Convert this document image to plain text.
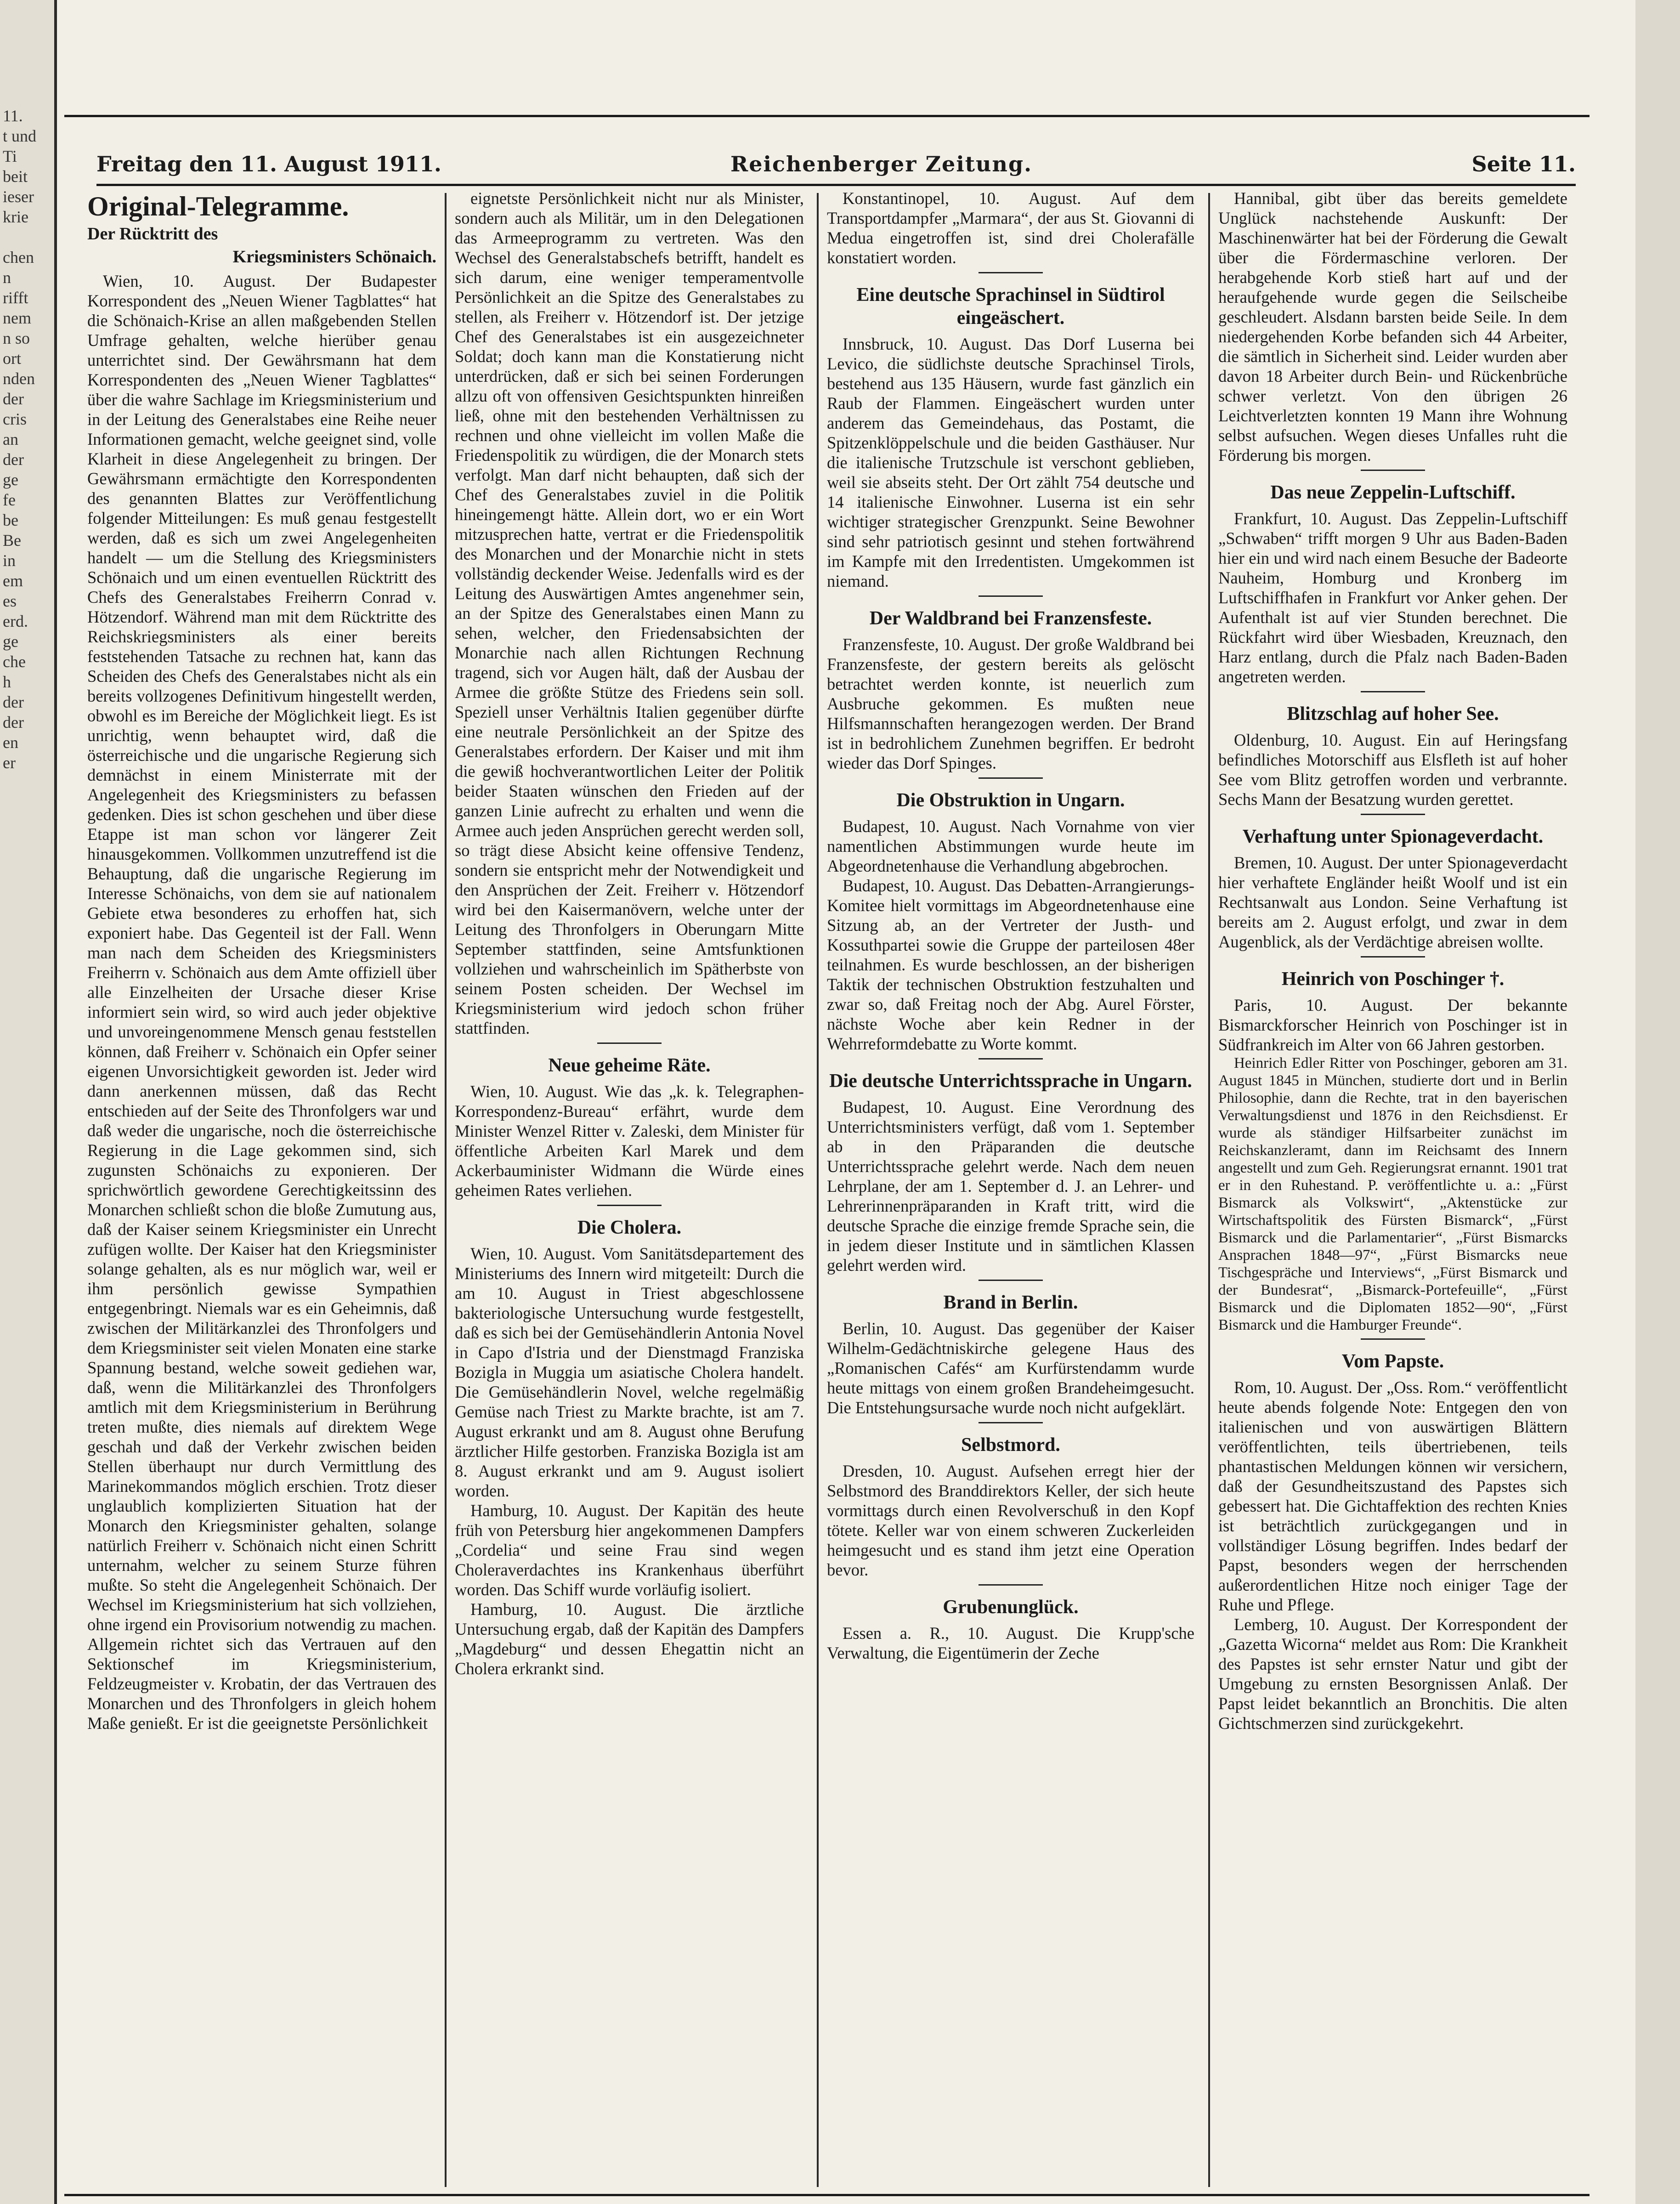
11.
t und
Ti
beit
ieser
krie

chen
n
rifft
nem
n so
ort
nden
der
cris
an
der
ge
fe
be
Be
in
em
es
erd.
ge
che
h
der
der
en
er
Freitag den 11. August 1911.	Reichenberger Zeitung.	Seite 11.
Original-Telegramme.
Der Rücktritt des
Kriegsministers Schönaich.

Wien, 10. August. Der Budapester Korrespondent des „Neuen Wiener Tagblattes“ hat die Schönaich-Krise an allen maßgebenden Stellen Umfrage gehalten, welche hierüber genau unterrichtet sind. Der Gewährsmann hat dem Korrespondenten des „Neuen Wiener Tagblattes“ über die wahre Sachlage im Kriegsministerium und in der Leitung des Generalstabes eine Reihe neuer Informationen gemacht, welche geeignet sind, volle Klarheit in diese Angelegenheit zu bringen. Der Gewährsmann ermächtigte den Korrespondenten des genannten Blattes zur Veröffentlichung folgender Mitteilungen: Es muß genau festgestellt werden, daß es sich um zwei Angelegenheiten handelt — um die Stellung des Kriegsministers Schönaich und um einen eventuellen Rücktritt des Chefs des Generalstabes Freiherrn Conrad v. Hötzendorf. Während man mit dem Rücktritte des Reichskriegsministers als einer bereits feststehenden Tatsache zu rechnen hat, kann das Scheiden des Chefs des Generalstabes nicht als ein bereits vollzogenes Definitivum hingestellt werden, obwohl es im Bereiche der Möglichkeit liegt. Es ist unrichtig, wenn behauptet wird, daß die österreichische und die ungarische Regierung sich demnächst in einem Ministerrate mit der Angelegenheit des Kriegsministers zu befassen gedenken. Dies ist schon geschehen und über diese Etappe ist man schon vor längerer Zeit hinausgekommen. Vollkommen unzutreffend ist die Behauptung, daß die ungarische Regierung im Interesse Schönaichs, von dem sie auf nationalem Gebiete etwa besonderes zu erhoffen hat, sich exponiert habe. Das Gegenteil ist der Fall. Wenn man nach dem Scheiden des Kriegsministers Freiherrn v. Schönaich aus dem Amte offiziell über alle Einzelheiten der Ursache dieser Krise informiert sein wird, so wird auch jeder objektive und unvoreingenommene Mensch genau feststellen können, daß Freiherr v. Schönaich ein Opfer seiner eigenen Unvorsichtigkeit geworden ist. Jeder wird dann anerkennen müssen, daß das Recht entschieden auf der Seite des Thronfolgers war und daß weder die ungarische, noch die österreichische Regierung in die Lage gekommen sind, sich zugunsten Schönaichs zu exponieren. Der sprichwörtlich gewordene Gerechtigkeitssinn des Monarchen schließt schon die bloße Zumutung aus, daß der Kaiser seinem Kriegsminister ein Unrecht zufügen wollte. Der Kaiser hat den Kriegsminister solange gehalten, als es nur möglich war, weil er ihm persönlich gewisse Sympathien entgegenbringt. Niemals war es ein Geheimnis, daß zwischen der Militärkanzlei des Thronfolgers und dem Kriegsminister seit vielen Monaten eine starke Spannung bestand, welche soweit gediehen war, daß, wenn die Militärkanzlei des Thronfolgers amtlich mit dem Kriegsministerium in Berührung treten mußte, dies niemals auf direktem Wege geschah und daß der Verkehr zwischen beiden Stellen überhaupt nur durch Vermittlung des Marinekommandos möglich erschien. Trotz dieser unglaublich komplizierten Situation hat der Monarch den Kriegsminister gehalten, solange natürlich Freiherr v. Schönaich nicht einen Schritt unternahm, welcher zu seinem Sturze führen mußte. So steht die Angelegenheit Schönaich. Der Wechsel im Kriegsministerium hat sich vollziehen, ohne irgend ein Provisorium notwendig zu machen. Allgemein richtet sich das Vertrauen auf den Sektionschef im Kriegsministerium, Feldzeugmeister v. Krobatin, der das Vertrauen des Monarchen und des Thronfolgers in gleich hohem Maße genießt. Er ist die geeignetste Persönlichkeit

eignetste Persönlichkeit nicht nur als Minister, sondern auch als Militär, um in den Delegationen das Armeeprogramm zu vertreten. Was den Wechsel des Generalstabschefs betrifft, handelt es sich darum, eine weniger temperamentvolle Persönlichkeit an die Spitze des Generalstabes zu stellen, als Freiherr v. Hötzendorf ist. Der jetzige Chef des Generalstabes ist ein ausgezeichneter Soldat; doch kann man die Konstatierung nicht unterdrücken, daß er sich bei seinen Forderungen allzu oft von offensiven Gesichtspunkten hinreißen ließ, ohne mit den bestehenden Verhältnissen zu rechnen und ohne vielleicht im vollen Maße die Friedenspolitik zu würdigen, die der Monarch stets verfolgt. Man darf nicht behaupten, daß sich der Chef des Generalstabes zuviel in die Politik hineingemengt hätte. Allein dort, wo er ein Wort mitzusprechen hatte, vertrat er die Friedenspolitik des Monarchen und der Monarchie nicht in stets vollständig deckender Weise. Jedenfalls wird es der Leitung des Auswärtigen Amtes angenehmer sein, an der Spitze des Generalstabes einen Mann zu sehen, welcher, den Friedensabsichten der Monarchie nach allen Richtungen Rechnung tragend, sich vor Augen hält, daß der Ausbau der Armee die größte Stütze des Friedens sein soll. Speziell unser Verhältnis Italien gegenüber dürfte eine neutrale Persönlichkeit an der Spitze des Generalstabes erfordern. Der Kaiser und mit ihm die gewiß hochverantwortlichen Leiter der Politik beider Staaten wünschen den Frieden auf der ganzen Linie aufrecht zu erhalten und wenn die Armee auch jeden Ansprüchen gerecht werden soll, so trägt diese Absicht keine offensive Tendenz, sondern sie entspricht mehr der Notwendigkeit und den Ansprüchen der Zeit. Freiherr v. Hötzendorf wird bei den Kaisermanövern, welche unter der Leitung des Thronfolgers in Oberungarn Mitte September stattfinden, seine Amtsfunktionen vollziehen und wahrscheinlich im Spätherbste von seinem Posten scheiden. Der Wechsel im Kriegsministerium wird jedoch schon früher stattfinden.

Neue geheime Räte.

Wien, 10. August. Wie das „k. k. Telegraphen-Korrespondenz-Bureau“ erfährt, wurde dem Minister Wenzel Ritter v. Zaleski, dem Minister für öffentliche Arbeiten Karl Marek und dem Ackerbauminister Widmann die Würde eines geheimen Rates verliehen.

Die Cholera.

Wien, 10. August. Vom Sanitätsdepartement des Ministeriums des Innern wird mitgeteilt: Durch die am 10. August in Triest abgeschlossene bakteriologische Untersuchung wurde festgestellt, daß es sich bei der Gemüsehändlerin Antonia Novel in Capo d'Istria und der Dienstmagd Franziska Bozigla in Muggia um asiatische Cholera handelt. Die Gemüsehändlerin Novel, welche regelmäßig Gemüse nach Triest zu Markte brachte, ist am 7. August erkrankt und am 8. August ohne Berufung ärztlicher Hilfe gestorben. Franziska Bozigla ist am 8. August erkrankt und am 9. August isoliert worden.

Hamburg, 10. August. Der Kapitän des heute früh von Petersburg hier angekommenen Dampfers „Cordelia“ und seine Frau sind wegen Choleraverdachtes ins Krankenhaus überführt worden. Das Schiff wurde vorläufig isoliert.

Hamburg, 10. August. Die ärztliche Untersuchung ergab, daß der Kapitän des Dampfers „Magdeburg“ und dessen Ehegattin nicht an Cholera erkrankt sind.

Konstantinopel, 10. August. Auf dem Transportdampfer „Marmara“, der aus St. Giovanni di Medua eingetroffen ist, sind drei Cholerafälle konstatiert worden.

Eine deutsche Sprachinsel in Südtirol eingeäschert.

Innsbruck, 10. August. Das Dorf Luserna bei Levico, die südlichste deutsche Sprachinsel Tirols, bestehend aus 135 Häusern, wurde fast gänzlich ein Raub der Flammen. Eingeäschert wurden unter anderem das Gemeindehaus, das Postamt, die Spitzenklöppelschule und die beiden Gasthäuser. Nur die italienische Trutzschule ist verschont geblieben, weil sie abseits steht. Der Ort zählt 754 deutsche und 14 italienische Einwohner. Luserna ist ein sehr wichtiger strategischer Grenzpunkt. Seine Bewohner sind sehr patriotisch gesinnt und stehen fortwährend im Kampfe mit den Irredentisten. Umgekommen ist niemand.

Der Waldbrand bei Franzensfeste.

Franzensfeste, 10. August. Der große Waldbrand bei Franzensfeste, der gestern bereits als gelöscht betrachtet werden konnte, ist neuerlich zum Ausbruche gekommen. Es mußten neue Hilfsmannschaften herangezogen werden. Der Brand ist in bedrohlichem Zunehmen begriffen. Er bedroht wieder das Dorf Spinges.

Die Obstruktion in Ungarn.

Budapest, 10. August. Nach Vornahme von vier namentlichen Abstimmungen wurde heute im Abgeordnetenhause die Verhandlung abgebrochen.

Budapest, 10. August. Das Debatten-Arrangierungs-Komitee hielt vormittags im Abgeordnetenhause eine Sitzung ab, an der Vertreter der Justh- und Kossuthpartei sowie die Gruppe der parteilosen 48er teilnahmen. Es wurde beschlossen, an der bisherigen Taktik der technischen Obstruktion festzuhalten und zwar so, daß Freitag noch der Abg. Aurel Förster, nächste Woche aber kein Redner in der Wehrreformdebatte zu Worte kommt.

Die deutsche Unterrichtssprache in Ungarn.

Budapest, 10. August. Eine Verordnung des Unterrichtsministers verfügt, daß vom 1. September ab in den Präparanden die deutsche Unterrichtssprache gelehrt werde. Nach dem neuen Lehrplane, der am 1. September d. J. an Lehrer- und Lehrerinnenpräparanden in Kraft tritt, wird die deutsche Sprache die einzige fremde Sprache sein, die in jedem dieser Institute und in sämtlichen Klassen gelehrt werden wird.

Brand in Berlin.

Berlin, 10. August. Das gegenüber der Kaiser Wilhelm-Gedächtniskirche gelegene Haus des „Romanischen Cafés“ am Kurfürstendamm wurde heute mittags von einem großen Brandeheimgesucht. Die Entstehungsursache wurde noch nicht aufgeklärt.

Selbstmord.

Dresden, 10. August. Aufsehen erregt hier der Selbstmord des Branddirektors Keller, der sich heute vormittags durch einen Revolverschuß in den Kopf tötete. Keller war von einem schweren Zuckerleiden heimgesucht und es stand ihm jetzt eine Operation bevor.

Grubenunglück.

Essen a. R., 10. August. Die Krupp'sche Verwaltung, die Eigentümerin der Zeche

Hannibal, gibt über das bereits gemeldete Unglück nachstehende Auskunft: Der Maschinenwärter hat bei der Förderung die Gewalt über die Fördermaschine verloren. Der herabgehende Korb stieß hart auf und der heraufgehende wurde gegen die Seilscheibe geschleudert. Alsdann barsten beide Seile. In dem niedergehenden Korbe befanden sich 44 Arbeiter, die sämtlich in Sicherheit sind. Leider wurden aber davon 18 Arbeiter durch Bein- und Rückenbrüche schwer verletzt. Von den übrigen 26 Leichtverletzten konnten 19 Mann ihre Wohnung selbst aufsuchen. Wegen dieses Unfalles ruht die Förderung bis morgen.

Das neue Zeppelin-Luftschiff.

Frankfurt, 10. August. Das Zeppelin-Luftschiff „Schwaben“ trifft morgen 9 Uhr aus Baden-Baden hier ein und wird nach einem Besuche der Badeorte Nauheim, Homburg und Kronberg im Luftschiffhafen in Frankfurt vor Anker gehen. Der Aufenthalt ist auf vier Stunden berechnet. Die Rückfahrt wird über Wiesbaden, Kreuznach, den Harz entlang, durch die Pfalz nach Baden-Baden angetreten werden.

Blitzschlag auf hoher See.

Oldenburg, 10. August. Ein auf Heringsfang befindliches Motorschiff aus Elsfleth ist auf hoher See vom Blitz getroffen worden und verbrannte. Sechs Mann der Besatzung wurden gerettet.

Verhaftung unter Spionageverdacht.

Bremen, 10. August. Der unter Spionageverdacht hier verhaftete Engländer heißt Woolf und ist ein Rechtsanwalt aus London. Seine Verhaftung ist bereits am 2. August erfolgt, und zwar in dem Augenblick, als der Verdächtige abreisen wollte.

Heinrich von Poschinger †.

Paris, 10. August. Der bekannte Bismarckforscher Heinrich von Poschinger ist in Südfrankreich im Alter von 66 Jahren gestorben.

Heinrich Edler Ritter von Poschinger, geboren am 31. August 1845 in München, studierte dort und in Berlin Philosophie, dann die Rechte, trat in den bayerischen Verwaltungsdienst und 1876 in den Reichsdienst. Er wurde als ständiger Hilfsarbeiter zunächst im Reichskanzleramt, dann im Reichsamt des Innern angestellt und zum Geh. Regierungsrat ernannt. 1901 trat er in den Ruhestand. P. veröffentlichte u. a.: „Fürst Bismarck als Volkswirt“, „Aktenstücke zur Wirtschaftspolitik des Fürsten Bismarck“, „Fürst Bismarck und die Parlamentarier“, „Fürst Bismarcks Ansprachen 1848—97“, „Fürst Bismarcks neue Tischgespräche und Interviews“, „Fürst Bismarck und der Bundesrat“, „Bismarck-Portefeuille“, „Fürst Bismarck und die Diplomaten 1852—90“, „Fürst Bismarck und die Hamburger Freunde“.

Vom Papste.

Rom, 10. August. Der „Oss. Rom.“ veröffentlicht heute abends folgende Note: Entgegen den von italienischen und von auswärtigen Blättern veröffentlichten, teils übertriebenen, teils phantastischen Meldungen können wir versichern, daß der Gesundheitszustand des Papstes sich gebessert hat. Die Gichtaffektion des rechten Knies ist beträchtlich zurückgegangen und in vollständiger Lösung begriffen. Indes bedarf der Papst, besonders wegen der herrschenden außerordentlichen Hitze noch einiger Tage der Ruhe und Pflege.

Lemberg, 10. August. Der Korrespondent der „Gazetta Wicorna“ meldet aus Rom: Die Krankheit des Papstes ist sehr ernster Natur und gibt der Umgebung zu ernsten Besorgnissen Anlaß. Der Papst leidet bekanntlich an Bronchitis. Die alten Gichtschmerzen sind zurückgekehrt.
